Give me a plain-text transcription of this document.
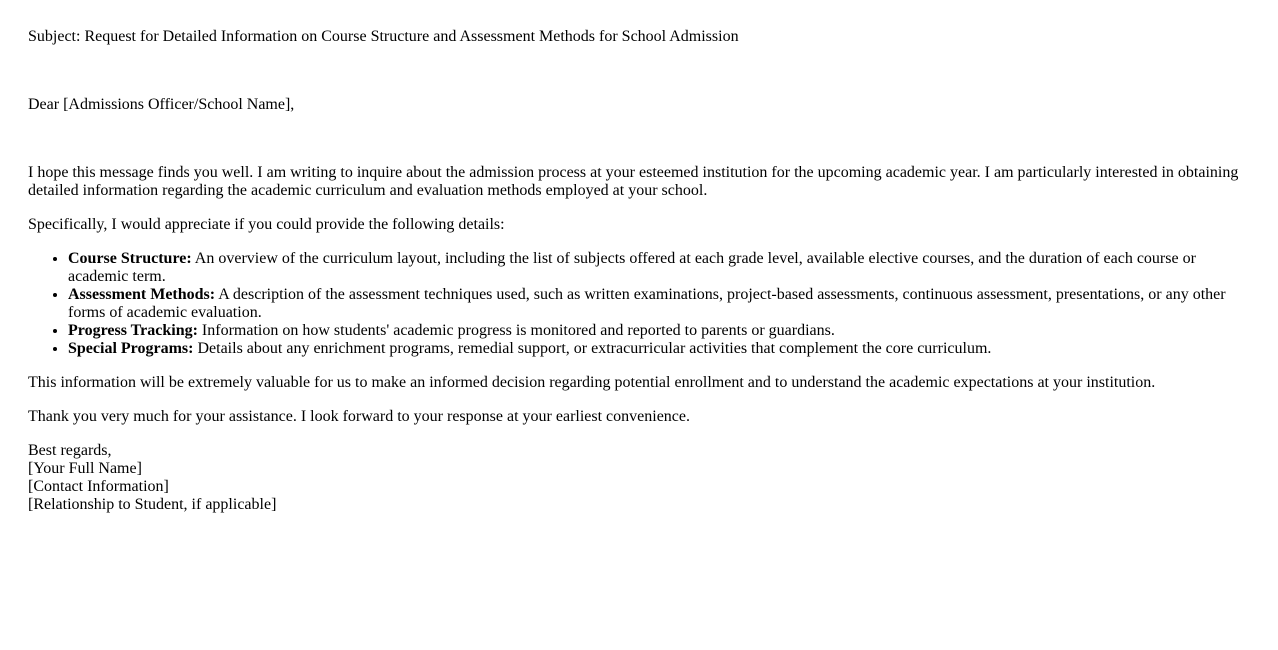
Subject: Request for Detailed Information on Course Structure and Assessment Methods for School Admission

Dear [Admissions Officer/School Name],

I hope this message finds you well. I am writing to inquire about the admission process at your esteemed institution for the upcoming academic year. I am particularly interested in obtaining detailed information regarding the academic curriculum and evaluation methods employed at your school.

Specifically, I would appreciate if you could provide the following details:

• Course Structure: An overview of the curriculum layout, including the list of subjects offered at each grade level, available elective courses, and the duration of each course or academic term.
• Assessment Methods: A description of the assessment techniques used, such as written examinations, project-based assessments, continuous assessment, presentations, or any other forms of academic evaluation.
• Progress Tracking: Information on how students' academic progress is monitored and reported to parents or guardians.
• Special Programs: Details about any enrichment programs, remedial support, or extracurricular activities that complement the core curriculum.

This information will be extremely valuable for us to make an informed decision regarding potential enrollment and to understand the academic expectations at your institution.

Thank you very much for your assistance. I look forward to your response at your earliest convenience.

Best regards,
[Your Full Name]
[Contact Information]
[Relationship to Student, if applicable]
